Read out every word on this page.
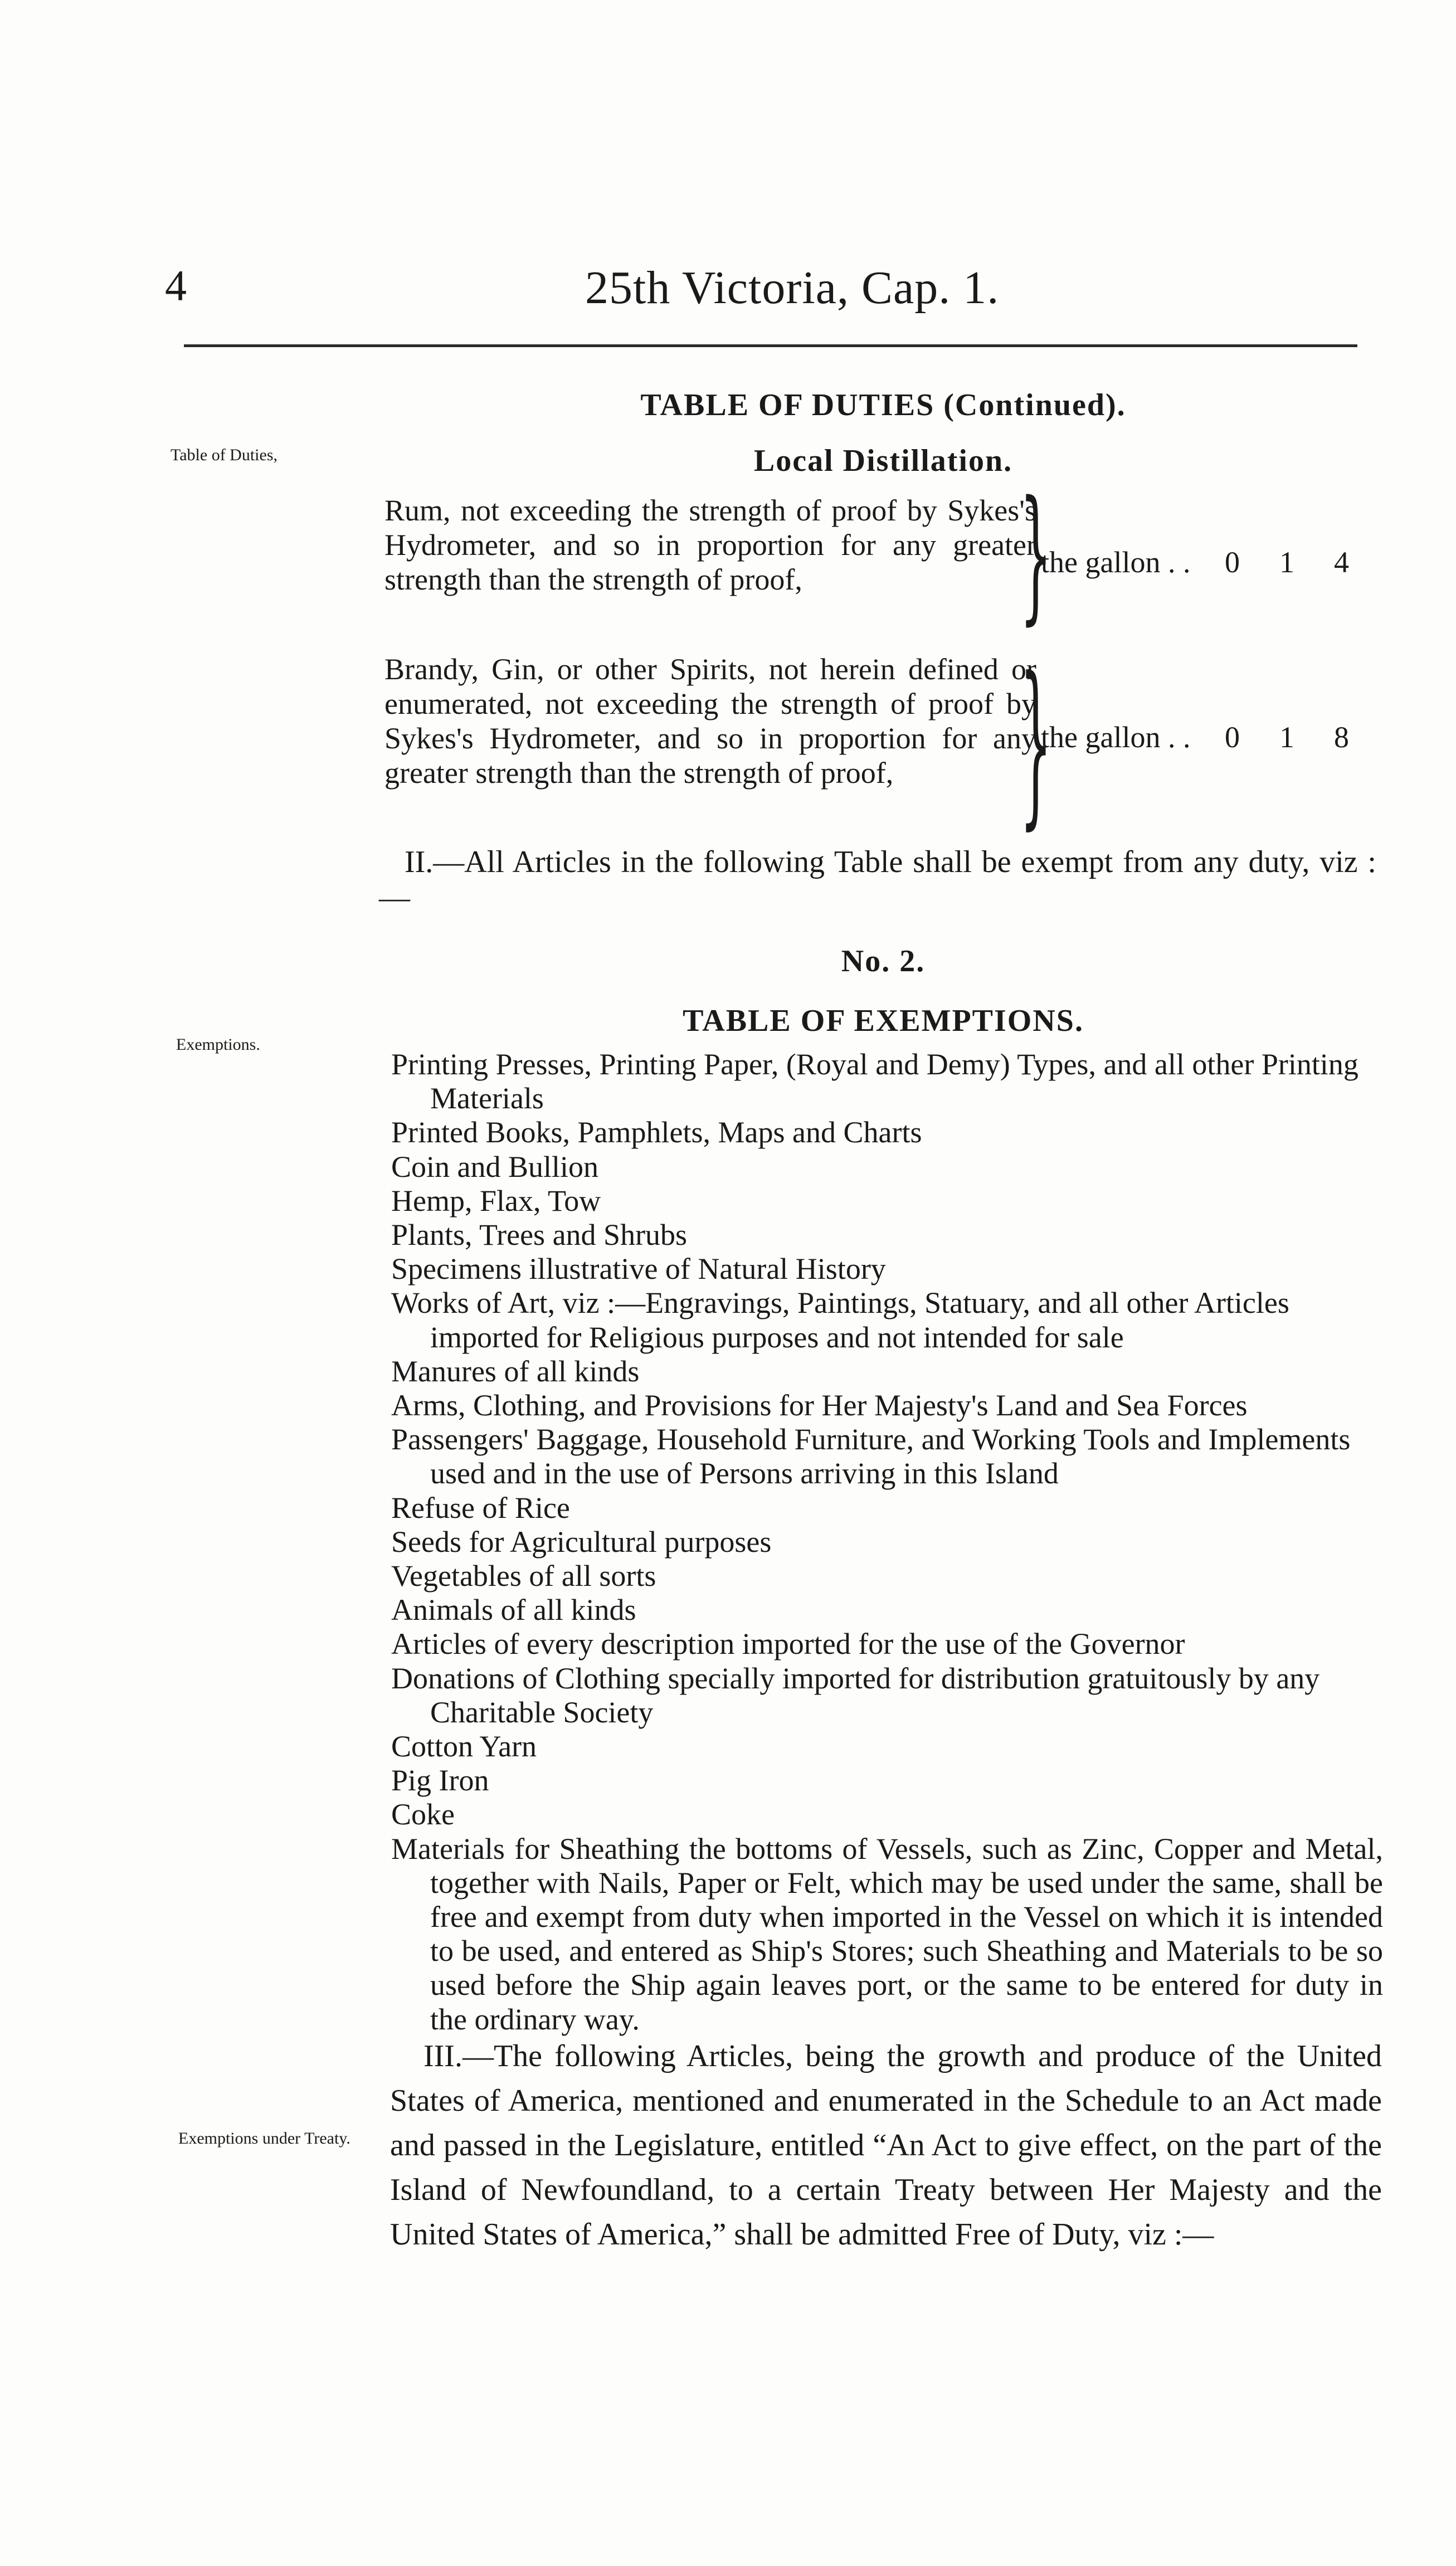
4	25th Victoria, Cap. 1.
Table of Duties,
Exemptions.
Exemptions under Treaty.
TABLE OF DUTIES (Continued).
Local Distillation.
Rum, not exceeding the strength of proof by Sykes's Hydrometer, and so in proportion for any greater strength than the strength of proof,	}
the gallon . . 0 1 4
Brandy, Gin, or other Spirits, not herein defined or enumerated, not exceeding the strength of proof by Sykes's Hydrometer, and so in proportion for any greater strength than the strength of proof, }
the gallon . . 0 1 8
II.—All Articles in the following Table shall be exempt from any duty, viz :—
No. 2.
TABLE OF EXEMPTIONS.
Printing Presses, Printing Paper, (Royal and Demy) Types, and all other Printing Materials
Printed Books, Pamphlets, Maps and Charts
Coin and Bullion
Hemp, Flax, Tow
Plants, Trees and Shrubs
Specimens illustrative of Natural History
Works of Art, viz :—Engravings, Paintings, Statuary, and all other Articles imported for Religious purposes and not intended for sale
Manures of all kinds
Arms, Clothing, and Provisions for Her Majesty's Land and Sea Forces
Passengers' Baggage, Household Furniture, and Working Tools and Implements used and in the use of Persons arriving in this Island
Refuse of Rice
Seeds for Agricultural purposes
Vegetables of all sorts
Animals of all kinds
Articles of every description imported for the use of the Governor
Donations of Clothing specially imported for distribution gratuitously by any Charitable Society
Cotton Yarn
Pig Iron
Coke
Materials for Sheathing the bottoms of Vessels, such as Zinc, Copper and Metal, together with Nails, Paper or Felt, which may be used under the same, shall be free and exempt from duty when imported in the Vessel on which it is intended to be used, and entered as Ship's Stores; such Sheathing and Materials to be so used before the Ship again leaves port, or the same to be entered for duty in the ordinary way.
III.—The following Articles, being the growth and produce of the United States of America, mentioned and enumerated in the Schedule to an Act made and passed in the Legislature, entitled “An Act to give effect, on the part of the Island of Newfoundland, to a certain Treaty between Her Majesty and the United States of America,” shall be admitted Free of Duty, viz :—
